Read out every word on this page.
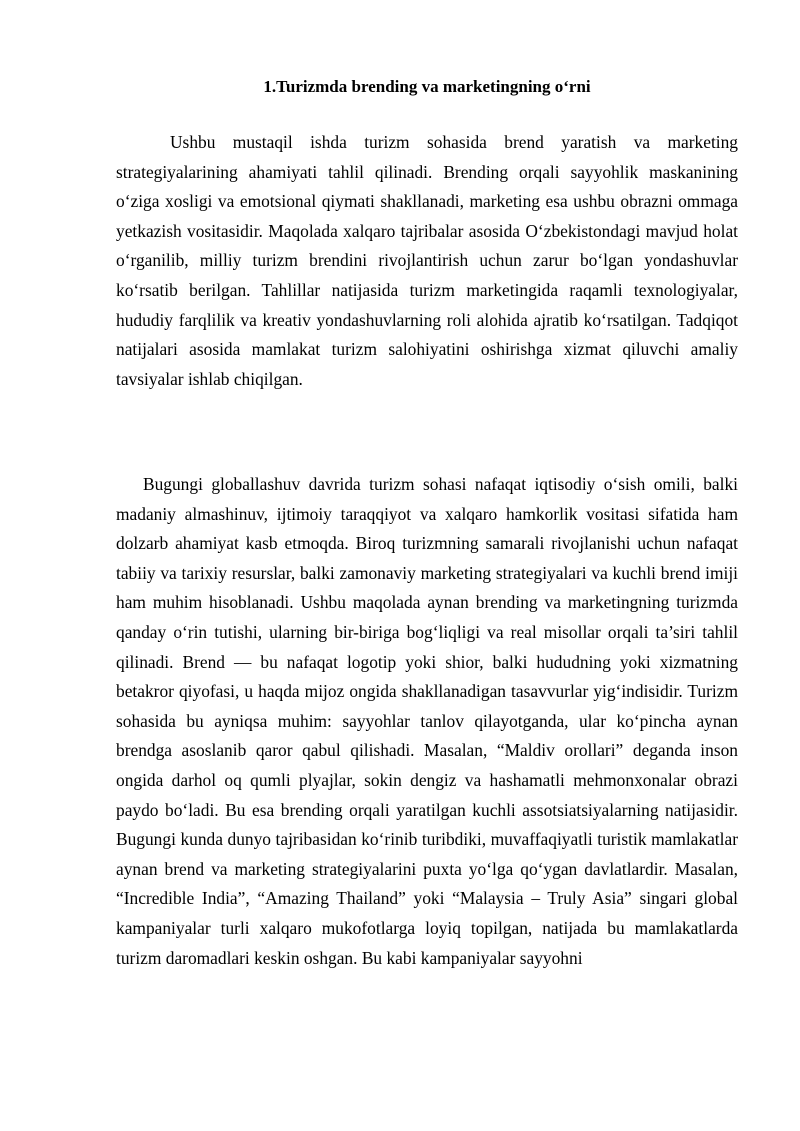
1.Turizmda brending va marketingning o‘rni

Ushbu mustaqil ishda turizm sohasida brend yaratish va marketing strategiyalarining ahamiyati tahlil qilinadi. Brending orqali sayyohlik maskanining o‘ziga xosligi va emotsional qiymati shakllanadi, marketing esa ushbu obrazni ommaga yetkazish vositasidir. Maqolada xalqaro tajribalar asosida O‘zbekistondagi mavjud holat o‘rganilib, milliy turizm brendini rivojlantirish uchun zarur bo‘lgan yondashuvlar ko‘rsatib berilgan. Tahlillar natijasida turizm marketingida raqamli texnologiyalar, hududiy farqlilik va kreativ yondashuvlarning roli alohida ajratib ko‘rsatilgan. Tadqiqot natijalari asosida mamlakat turizm salohiyatini oshirishga xizmat qiluvchi amaliy tavsiyalar ishlab chiqilgan.

Bugungi globallashuv davrida turizm sohasi nafaqat iqtisodiy o‘sish omili, balki madaniy almashinuv, ijtimoiy taraqqiyot va xalqaro hamkorlik vositasi sifatida ham dolzarb ahamiyat kasb etmoqda. Biroq turizmning samarali rivojlanishi uchun nafaqat tabiiy va tarixiy resurslar, balki zamonaviy marketing strategiyalari va kuchli brend imiji ham muhim hisoblanadi. Ushbu maqolada aynan brending va marketingning turizmda qanday o‘rin tutishi, ularning bir-biriga bog‘liqligi va real misollar orqali ta’siri tahlil qilinadi. Brend — bu nafaqat logotip yoki shior, balki hududning yoki xizmatning betakror qiyofasi, u haqda mijoz ongida shakllanadigan tasavvurlar yig‘indisidir. Turizm sohasida bu ayniqsa muhim: sayyohlar tanlov qilayotganda, ular ko‘pincha aynan brendga asoslanib qaror qabul qilishadi. Masalan, “Maldiv orollari” deganda inson ongida darhol oq qumli plyajlar, sokin dengiz va hashamatli mehmonxonalar obrazi paydo bo‘ladi. Bu esa brending orqali yaratilgan kuchli assotsiatsiyalarning natijasidir. Bugungi kunda dunyo tajribasidan ko‘rinib turibdiki, muvaffaqiyatli turistik mamlakatlar aynan brend va marketing strategiyalarini puxta yo‘lga qo‘ygan davlatlardir. Masalan, “Incredible India”, “Amazing Thailand” yoki “Malaysia – Truly Asia” singari global kampaniyalar turli xalqaro mukofotlarga loyiq topilgan, natijada bu mamlakatlarda turizm daromadlari keskin oshgan. Bu kabi kampaniyalar sayyohni
